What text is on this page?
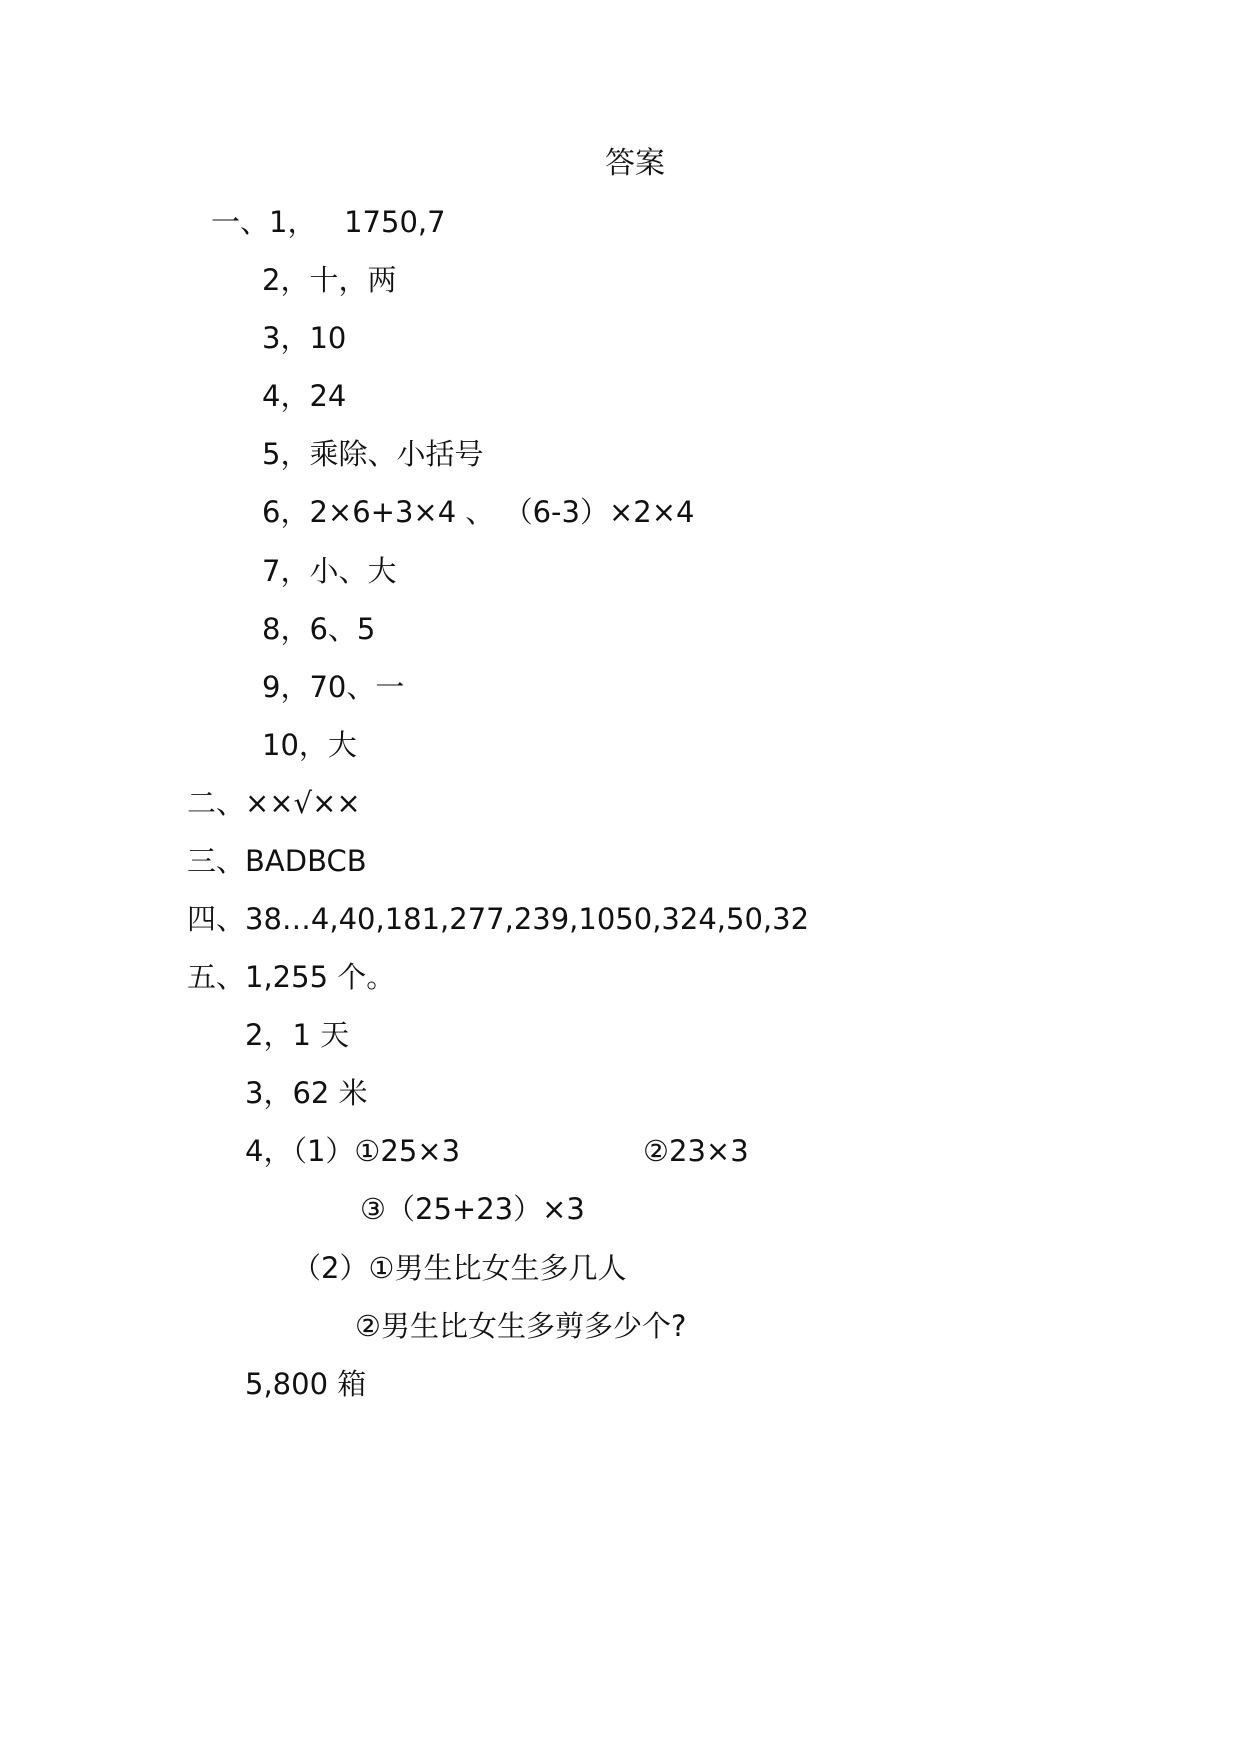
答案
一、1，   1750,7
2，十，两
3，10
4，24
5，乘除、小括号
6，2×6+3×4 、 （6-3）×2×4
7，小、大
8，6、5
9，70、一
10，大
二、××√××
三、BADBCB
四、38…4,40,181,277,239,1050,324,50,32
五、1,255 个。
2，1 天
3，62 米
4，（1）①25×3	②23×3
③（25+23）×3
（2）①男生比女生多几人
②男生比女生多剪多少个?
5,800 箱
